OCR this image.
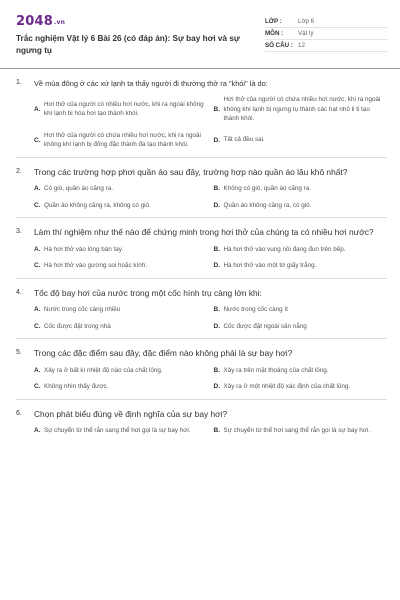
2048.vn
Trắc nghiệm Vật lý 6 Bài 26 (có đáp án): Sự bay hơi và sự ngưng tụ
LỚP :	Lớp 6
MÔN :	Vật lý
SỐ CÂU : 12
1.	Về mùa đông ở các xứ lạnh ta thấy người đi thường thở ra "khói" là do:
A.
Hơi thở của người có nhiều hơi nước, khi ra ngoài không khí lạnh bị hóa hơi tạo thành khói.
B.
Hơi thở của người có chứa nhiều hơi nước, khi ra ngoài không khí lạnh bị ngưng tụ thành các hạt nhỏ li ti tạo thành khói.
C.
Hơi thở của người có chứa nhiều hơi nước, khi ra ngoài không khí lạnh bị đông đặc thành đá tạo thành khói.
D. Tất cả đều sai.
2.	Trong các trường hợp phơi quần áo sau đây, trường hợp nào quần áo lâu khô nhất?
A. Có gió, quần áo căng ra.	B. Không có gió, quần áo căng ra.
C. Quần áo không căng ra, không có gió.	D. Quần áo không căng ra, có gió.
3.	Làm thí nghiệm như thế nào để chứng minh trong hơi thở của chúng ta có nhiều hơi nước?
A. Hà hơi thở vào lòng bàn tay.	B. Hà hơi thở vào vung nồi đang đun trên bếp.
C. Hà hơi thở vào gương soi hoặc kính.	D. Hà hơi thở vào một tờ giấy trắng.
4.	Tốc độ bay hơi của nước trong một cốc hình trụ càng lớn khi:
A. Nước trong cốc càng nhiều	B. Nước trong cốc càng ít
C. Cốc được đặt trong nhà	D. Cốc được đặt ngoài sân nắng
5.	Trong các đặc điểm sau đây, đặc điểm nào không phải là sự bay hơi?
A. Xảy ra ở bất kì nhiệt độ nào của chất lỏng.	B. Xảy ra trên mặt thoáng của chất lỏng.
C. Không nhìn thấy được.	D. Xảy ra ở một nhiệt độ xác định của chất lỏng.
6.	Chọn phát biểu đúng về định nghĩa của sự bay hơi?
A. Sự chuyển từ thể rắn sang thể hơi gọi là sự bay hơi.	B. Sự chuyển từ thể hơi sang thể rắn gọi là sự bay hơi.
